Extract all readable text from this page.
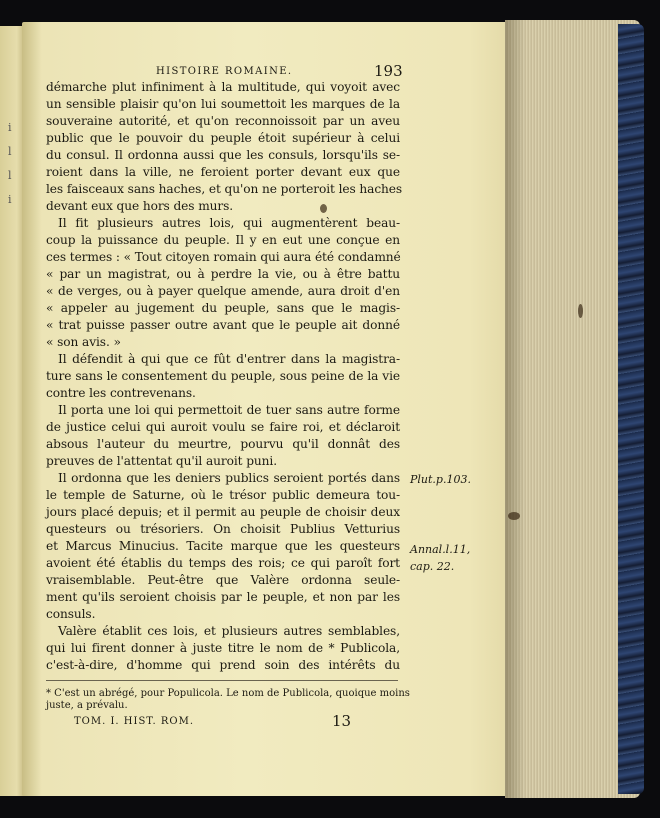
i
l
l
i
HISTOIRE ROMAINE.	193
démarche plut infiniment à la multitude, qui voyoit avec
un sensible plaisir qu'on lui soumettoit les marques de la
souveraine autorité, et qu'on reconnoissoit par un aveu
public que le pouvoir du peuple étoit supérieur à celui
du consul. Il ordonna aussi que les consuls, lorsqu'ils se-
roient dans la ville, ne feroient porter devant eux que
les faisceaux sans haches, et qu'on ne porteroit les haches
devant eux que hors des murs.
Il fit plusieurs autres lois, qui augmentèrent beau-
coup la puissance du peuple. Il y en eut une conçue en
ces termes : « Tout citoyen romain qui aura été condamné
« par un magistrat, ou à perdre la vie, ou à être battu
« de verges, ou à payer quelque amende, aura droit d'en
« appeler au jugement du peuple, sans que le magis-
« trat puisse passer outre avant que le peuple ait donné
« son avis. »
Il défendit à qui que ce fût d'entrer dans la magistra-
ture sans le consentement du peuple, sous peine de la vie
contre les contrevenans.
Il porta une loi qui permettoit de tuer sans autre forme
de justice celui qui auroit voulu se faire roi, et déclaroit
absous l'auteur du meurtre, pourvu qu'il donnât des
preuves de l'attentat qu'il auroit puni.
Il ordonna que les deniers publics seroient portés dans
le temple de Saturne, où le trésor public demeura tou-
jours placé depuis; et il permit au peuple de choisir deux
questeurs ou trésoriers. On choisit Publius Vetturius
et Marcus Minucius. Tacite marque que les questeurs
avoient été établis du temps des rois; ce qui paroît fort
vraisemblable. Peut-être que Valère ordonna seule-
ment qu'ils seroient choisis par le peuple, et non par les
consuls.
Valère établit ces lois, et plusieurs autres semblables,
qui lui firent donner à juste titre le nom de * Publicola,
c'est-à-dire, d'homme qui prend soin des intérêts du
Plut.p.103.
Annal.l.11,
cap. 22.
* C'est un abrégé, pour Populicola. Le nom de Publicola, quoique moins
juste, a prévalu.
TOM. I. HIST. ROM.	13
